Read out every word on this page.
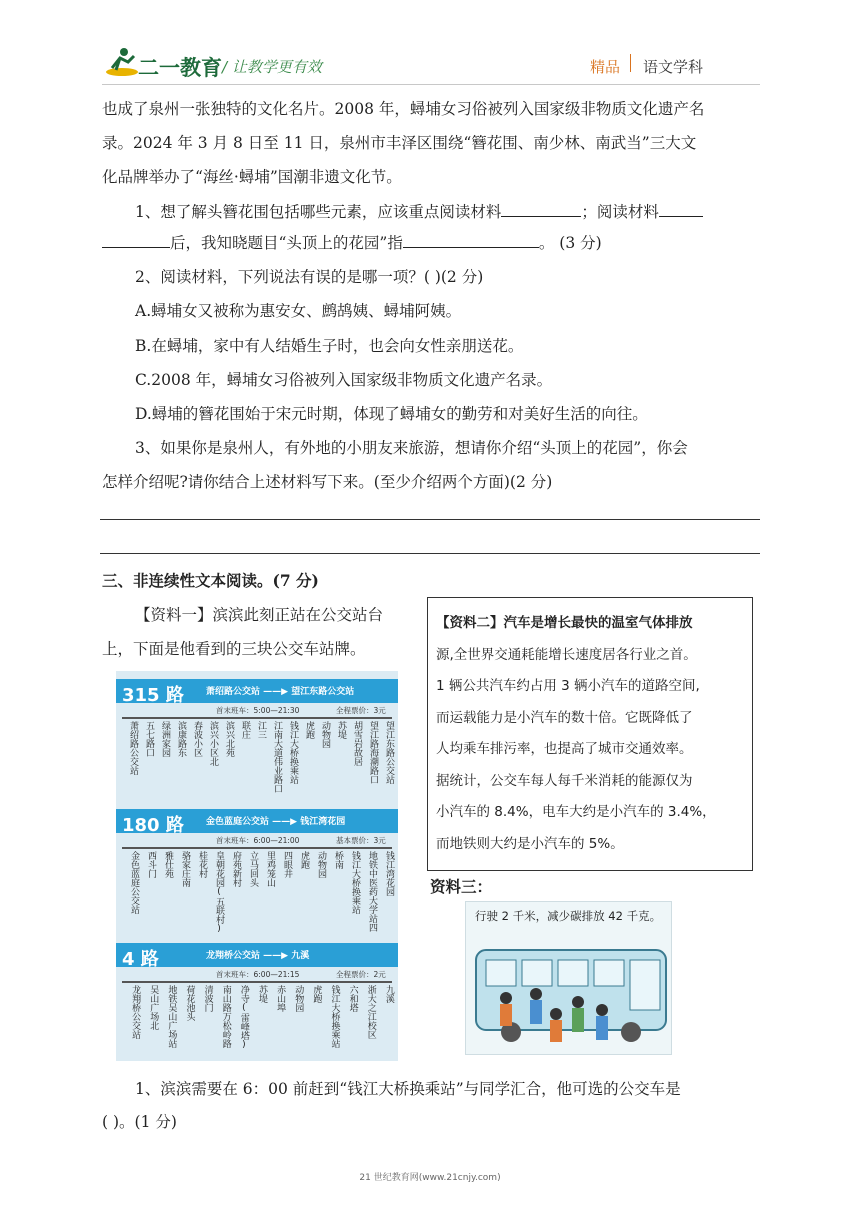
二一教育 / 让教学更有效	精品 语文学科
也成了泉州一张独特的文化名片。2008 年，蟳埔女习俗被列入国家级非物质文化遗产名
录。2024 年 3 月 8 日至 11 日，泉州市丰泽区围绕“簪花围、南少林、南武当”三大文
化品牌举办了“海丝·蟳埔”国潮非遗文化节。
1、想了解头簪花围包括哪些元素，应该重点阅读材料	；阅读材料
后，我知晓题目“头顶上的花园”指	。 (3 分)
2、阅读材料，下列说法有误的是哪一项？( )(2 分)
A.蟳埔女又被称为惠安女、鹧鸪姨、蟳埔阿姨。
B.在蟳埔，家中有人结婚生子时，也会向女性亲朋送花。
C.2008 年，蟳埔女习俗被列入国家级非物质文化遗产名录。
D.蟳埔的簪花围始于宋元时期，体现了蟳埔女的勤劳和对美好生活的向往。
3、如果你是泉州人，有外地的小朋友来旅游，想请你介绍“头顶上的花园”，你会
怎样介绍呢?请你结合上述材料写下来。(至少介绍两个方面)(2 分)
三、非连续性文本阅读。(7 分)
【资料一】滨滨此刻正站在公交站台
上，下面是他看到的三块公交车站牌。
【资料二】汽车是增长最快的温室气体排放
源,全世界交通耗能增长速度居各行业之首。
1 辆公共汽车约占用 3 辆小汽车的道路空间,
而运载能力是小汽车的数十倍。它既降低了
人均乘车排污率，也提高了城市交通效率。
据统计，公交车每人每千米消耗的能源仅为
小汽车的 8.4%，电车大约是小汽车的 3.4%，
而地铁则大约是小汽车的 5%。
315 路 萧绍路公交站 ——▶ 望江东路公交站
首末班车：5:00—21:30	全程票价：3元
萧绍路公交站 五七路口 绿洲家园 滨康路东 春波小区 滨兴小区北 滨兴北苑 联庄 江三 江南大道伟业路口 钱江大桥换乘站 虎跑 动物园 苏堤 胡雪岩故居 望江路海潮路口 望江东路公交站
180 路 金色蓝庭公交站 ——▶ 钱江湾花园
首末班车：6:00—21:00	基本票价：3元
金色蓝庭公交站 西斗门 雅仕苑 骆家庄南 桂花村 皇朝花园(五联村) 府苑新村 立马回头 里鸡笼山 四眼井 虎跑 动物园 桥南 钱江大桥换乘站 地铁中医药大学站四 钱江湾花园
4 路	龙翔桥公交站 ——▶ 九溪
首末班车：6:00—21:15	全程票价：2元
龙翔桥公交站 吴山广场北 地铁吴山广场站 荷花池头 清波门 南山路万松岭路 净寺(雷峰塔) 苏堤 赤山埠 动物园 虎跑 钱江大桥换乘站 六和塔 浙大之江校区 九溪
资料三：
行驶 2 千米，减少碳排放 42 千克。
1、滨滨需要在 6：00 前赶到“钱江大桥换乘站”与同学汇合，他可选的公交车是
( )。(1 分)
21 世纪教育网(www.21cnjy.com)
